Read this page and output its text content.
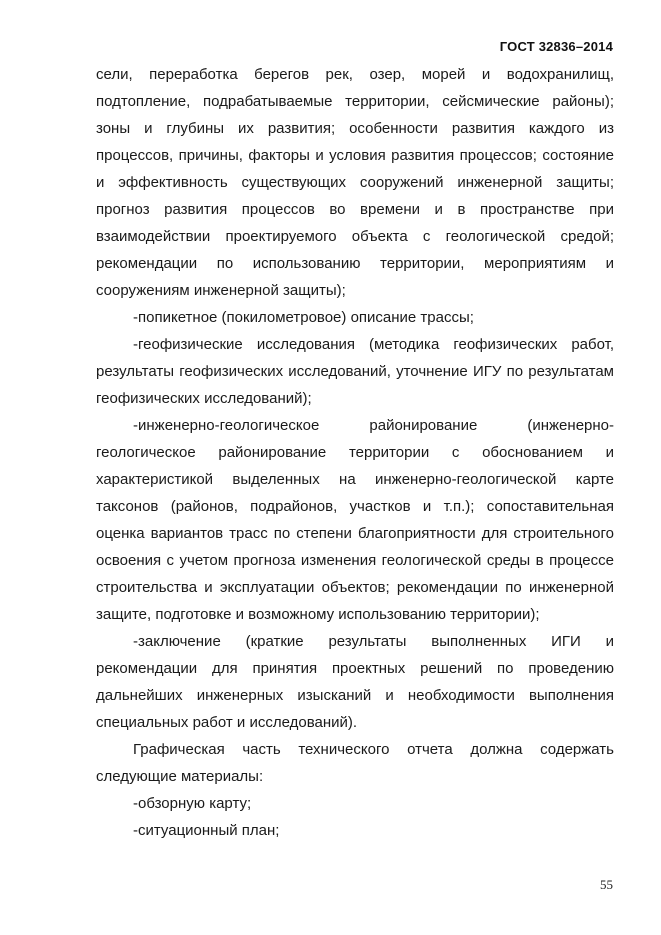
ГОСТ 32836–2014

сели, переработка берегов рек, озер, морей и водохранилищ, подтопление, подрабатываемые территории, сейсмические районы); зоны и глубины их развития; особенности развития каждого из процессов, причины, факторы и условия развития процессов; состояние и эффективность существующих сооружений инженерной защиты; прогноз развития процессов во времени и в пространстве при взаимодействии проектируемого объекта с геологической средой; рекомендации по использованию территории, мероприятиям и сооружениям инженерной защиты);

-попикетное (покилометровое) описание трассы;

-геофизические исследования (методика геофизических работ, результаты геофизических исследований, уточнение ИГУ по результатам геофизических исследований);

-инженерно-геологическое районирование (инженерно-геологическое районирование территории с обоснованием и характеристикой выделенных на инженерно-геологической карте таксонов (районов, подрайонов, участков и т.п.); сопоставительная оценка вариантов трасс по степени благоприятности для строительного освоения с учетом прогноза изменения геологической среды в процессе строительства и эксплуатации объектов; рекомендации по инженерной защите, подготовке и возможному использованию территории);

-заключение (краткие результаты выполненных ИГИ и рекомендации для принятия проектных решений по проведению дальнейших инженерных изысканий и необходимости выполнения специальных работ и исследований).

Графическая часть технического отчета должна содержать следующие материалы:

-обзорную карту;

-ситуационный план;

55
